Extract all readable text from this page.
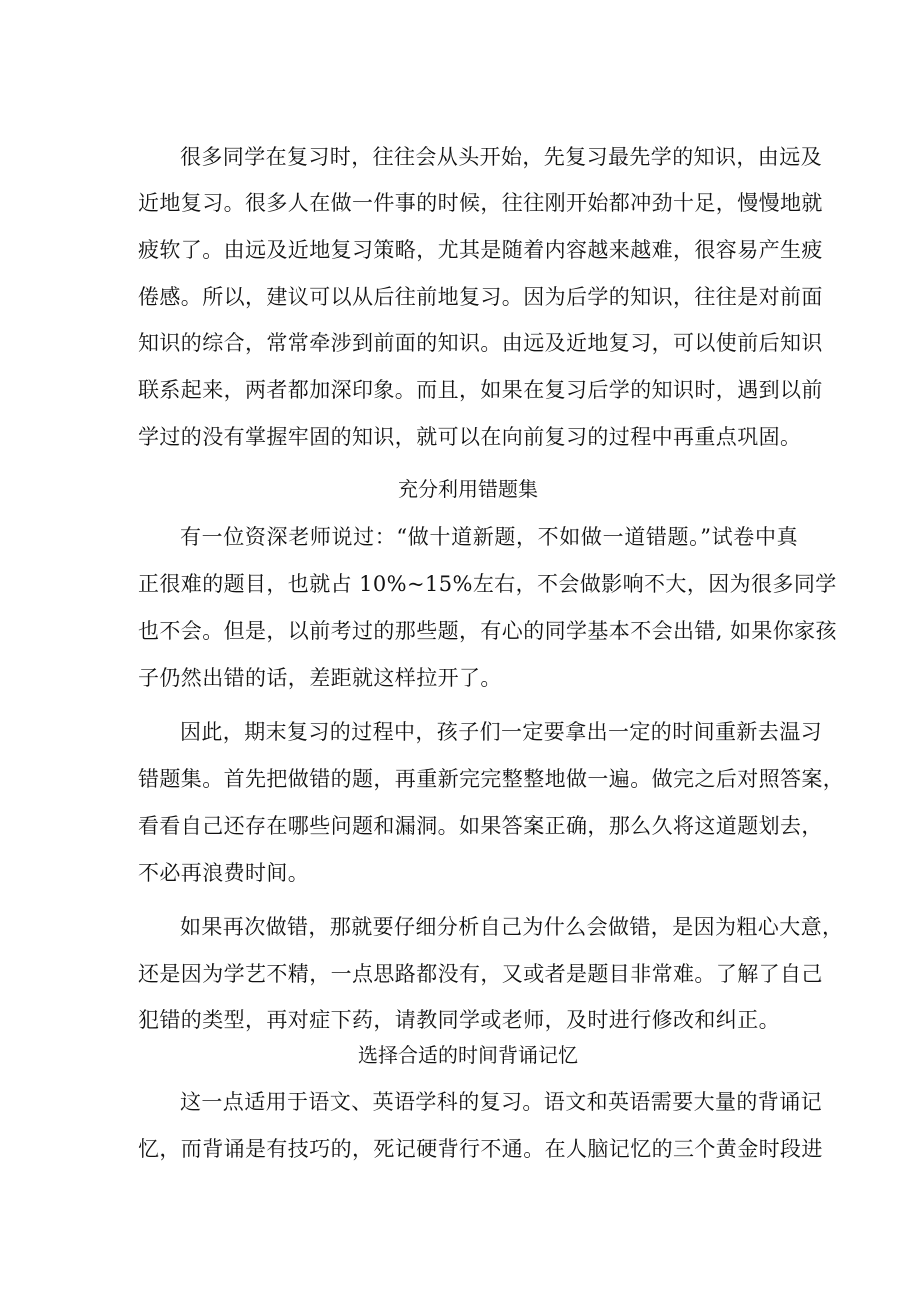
很多同学在复习时，往往会从头开始，先复习最先学的知识，由远及
近地复习。很多人在做一件事的时候，往往刚开始都冲劲十足，慢慢地就
疲软了。由远及近地复习策略，尤其是随着内容越来越难，很容易产生疲
倦感。所以，建议可以从后往前地复习。因为后学的知识，往往是对前面
知识的综合，常常牵涉到前面的知识。由远及近地复习，可以使前后知识
联系起来，两者都加深印象。而且，如果在复习后学的知识时，遇到以前
学过的没有掌握牢固的知识，就可以在向前复习的过程中再重点巩固。
充分利用错题集
有一位资深老师说过：“做十道新题，不如做一道错题。”试卷中真
正很难的题目，也就占 10%~15%左右，不会做影响不大，因为很多同学
也不会。但是，以前考过的那些题，有心的同学基本不会出错, 如果你家孩
子仍然出错的话，差距就这样拉开了。
因此，期末复习的过程中，孩子们一定要拿出一定的时间重新去温习
错题集。首先把做错的题，再重新完完整整地做一遍。做完之后对照答案，
看看自己还存在哪些问题和漏洞。如果答案正确，那么久将这道题划去，
不必再浪费时间。
如果再次做错，那就要仔细分析自己为什么会做错，是因为粗心大意，
还是因为学艺不精，一点思路都没有，又或者是题目非常难。了解了自己
犯错的类型，再对症下药，请教同学或老师，及时进行修改和纠正。
选择合适的时间背诵记忆
这一点适用于语文、英语学科的复习。语文和英语需要大量的背诵记
忆，而背诵是有技巧的，死记硬背行不通。在人脑记忆的三个黄金时段进
